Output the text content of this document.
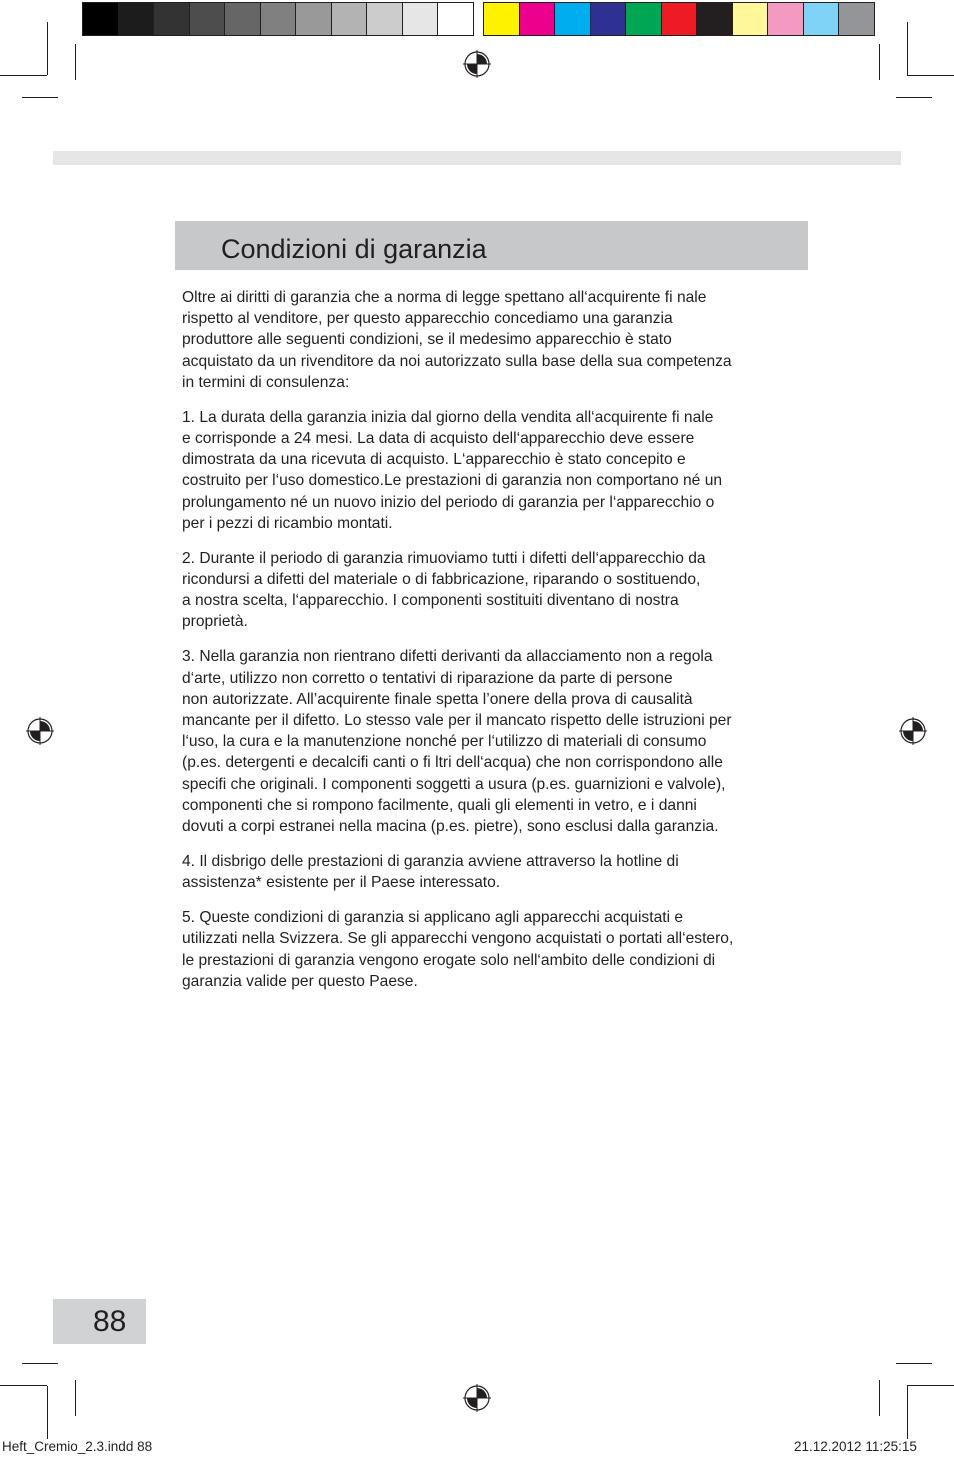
Condizioni di garanzia

Oltre ai diritti di garanzia che a norma di legge spettano all‘acquirente fi nale
rispetto al venditore, per questo apparecchio concediamo una garanzia
produttore alle seguenti condizioni, se il medesimo apparecchio è stato
acquistato da un rivenditore da noi autorizzato sulla base della sua competenza
in termini di consulenza:

1. La durata della garanzia inizia dal giorno della vendita all‘acquirente fi nale
e corrisponde a 24 mesi. La data di acquisto dell‘apparecchio deve essere
dimostrata da una ricevuta di acquisto. L‘apparecchio è stato concepito e
costruito per l‘uso domestico.Le prestazioni di garanzia non comportano né un
prolungamento né un nuovo inizio del periodo di garanzia per l‘apparecchio o
per i pezzi di ricambio montati.

2. Durante il periodo di garanzia rimuoviamo tutti i difetti dell‘apparecchio da
ricondursi a difetti del materiale o di fabbricazione, riparando o sostituendo,
a nostra scelta, l‘apparecchio. I componenti sostituiti diventano di nostra
proprietà.

3. Nella garanzia non rientrano difetti derivanti da allacciamento non a regola
d‘arte, utilizzo non corretto o tentativi di riparazione da parte di persone
non autorizzate. All’acquirente finale spetta l’onere della prova di causalità
mancante per il difetto. Lo stesso vale per il mancato rispetto delle istruzioni per
l‘uso, la cura e la manutenzione nonché per l‘utilizzo di materiali di consumo
(p.es. detergenti e decalcifi canti o fi ltri dell‘acqua) che non corrispondono alle
specifi che originali. I componenti soggetti a usura (p.es. guarnizioni e valvole),
componenti che si rompono facilmente, quali gli elementi in vetro, e i danni
dovuti a corpi estranei nella macina (p.es. pietre), sono esclusi dalla garanzia.

4. Il disbrigo delle prestazioni di garanzia avviene attraverso la hotline di
assistenza* esistente per il Paese interessato.

5. Queste condizioni di garanzia si applicano agli apparecchi acquistati e
utilizzati nella Svizzera. Se gli apparecchi vengono acquistati o portati all‘estero,
le prestazioni di garanzia vengono erogate solo nell‘ambito delle condizioni di
garanzia valide per questo Paese.

88
Heft_Cremio_2.3.indd 88	21.12.2012 11:25:15
